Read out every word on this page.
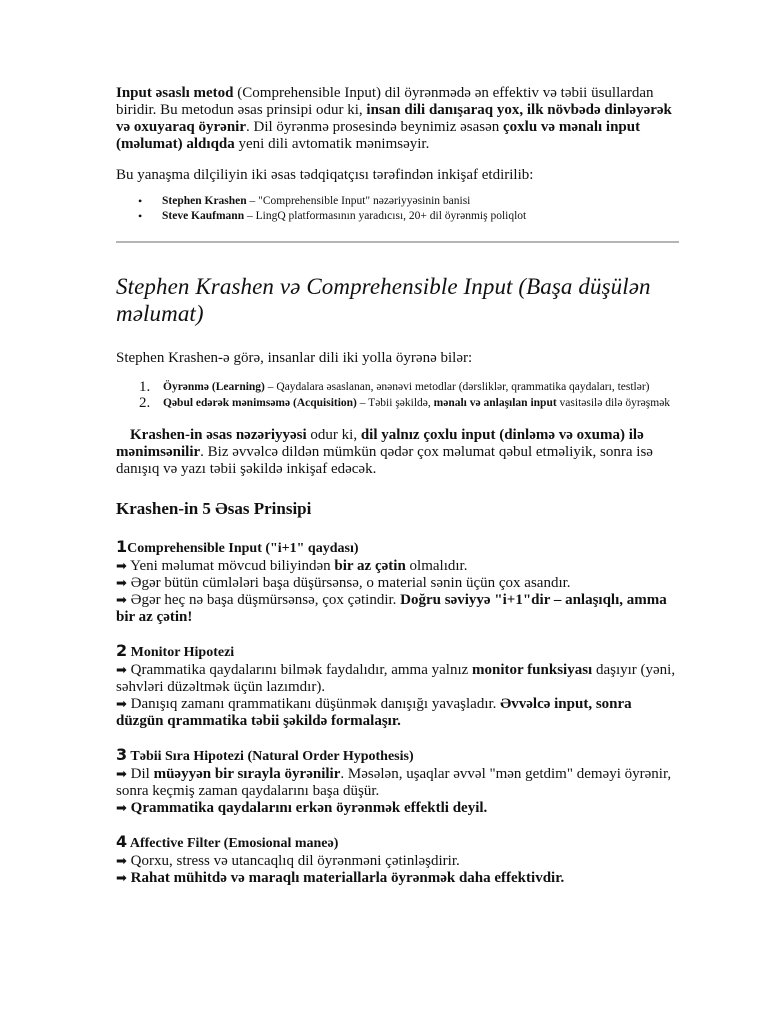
Input əsaslı metod (Comprehensible Input) dil öyrənmədə ən effektiv və təbii üsullardan biridir. Bu metodun əsas prinsipi odur ki, insan dili danışaraq yox, ilk növbədə dinləyərək və oxuyaraq öyrənir. Dil öyrənmə prosesində beynimiz əsasən çoxlu və mənalı input (məlumat) aldıqda yeni dili avtomatik mənimsəyir.

Bu yanaşma dilçiliyin iki əsas tədqiqatçısı tərəfindən inkişaf etdirilib:

• Stephen Krashen – "Comprehensible Input" nəzəriyyəsinin banisi
• Steve Kaufmann – LingQ platformasının yaradıcısı, 20+ dil öyrənmiş poliqlot
Stephen Krashen və Comprehensible Input (Başa düşülən məlumat)

Stephen Krashen-ə görə, insanlar dili iki yolla öyrənə bilər:

1. Öyrənmə (Learning) – Qaydalara əsaslanan, ənənəvi metodlar (dərsliklər, qrammatika qaydaları, testlər)
2. Qəbul edərək mənimsəmə (Acquisition) – Təbii şəkildə, mənalı və anlaşılan input vasitəsilə dilə öyrəşmək

Krashen-in əsas nəzəriyyəsi odur ki, dil yalnız çoxlu input (dinləmə və oxuma) ilə mənimsənilir. Biz əvvəlcə dildən mümkün qədər çox məlumat qəbul etməliyik, sonra isə danışıq və yazı təbii şəkildə inkişaf edəcək.

Krashen-in 5 Əsas Prinsipi
1Comprehensible Input ("i+1" qaydası)

➡ Yeni məlumat mövcud biliyindən bir az çətin olmalıdır.

➡ Əgər bütün cümlələri başa düşürsənsə, o material sənin üçün çox asandır.

➡ Əgər heç nə başa düşmürsənsə, çox çətindir. Doğru səviyyə "i+1"dir – anlaşıqlı, amma bir az çətin!

2 Monitor Hipotezi

➡ Qrammatika qaydalarını bilmək faydalıdır, amma yalnız monitor funksiyası daşıyır (yəni, səhvləri düzəltmək üçün lazımdır).

➡ Danışıq zamanı qrammatikanı düşünmək danışığı yavaşladır. Əvvəlcə input, sonra düzgün qrammatika təbii şəkildə formalaşır.

3 Təbii Sıra Hipotezi (Natural Order Hypothesis)

➡ Dil müəyyən bir sırayla öyrənilir. Məsələn, uşaqlar əvvəl "mən getdim" deməyi öyrənir, sonra keçmiş zaman qaydalarını başa düşür.

➡ Qrammatika qaydalarını erkən öyrənmək effektli deyil.

4 Affective Filter (Emosional maneə)

➡ Qorxu, stress və utancaqlıq dil öyrənməni çətinləşdirir.

➡ Rahat mühitdə və maraqlı materiallarla öyrənmək daha effektivdir.
